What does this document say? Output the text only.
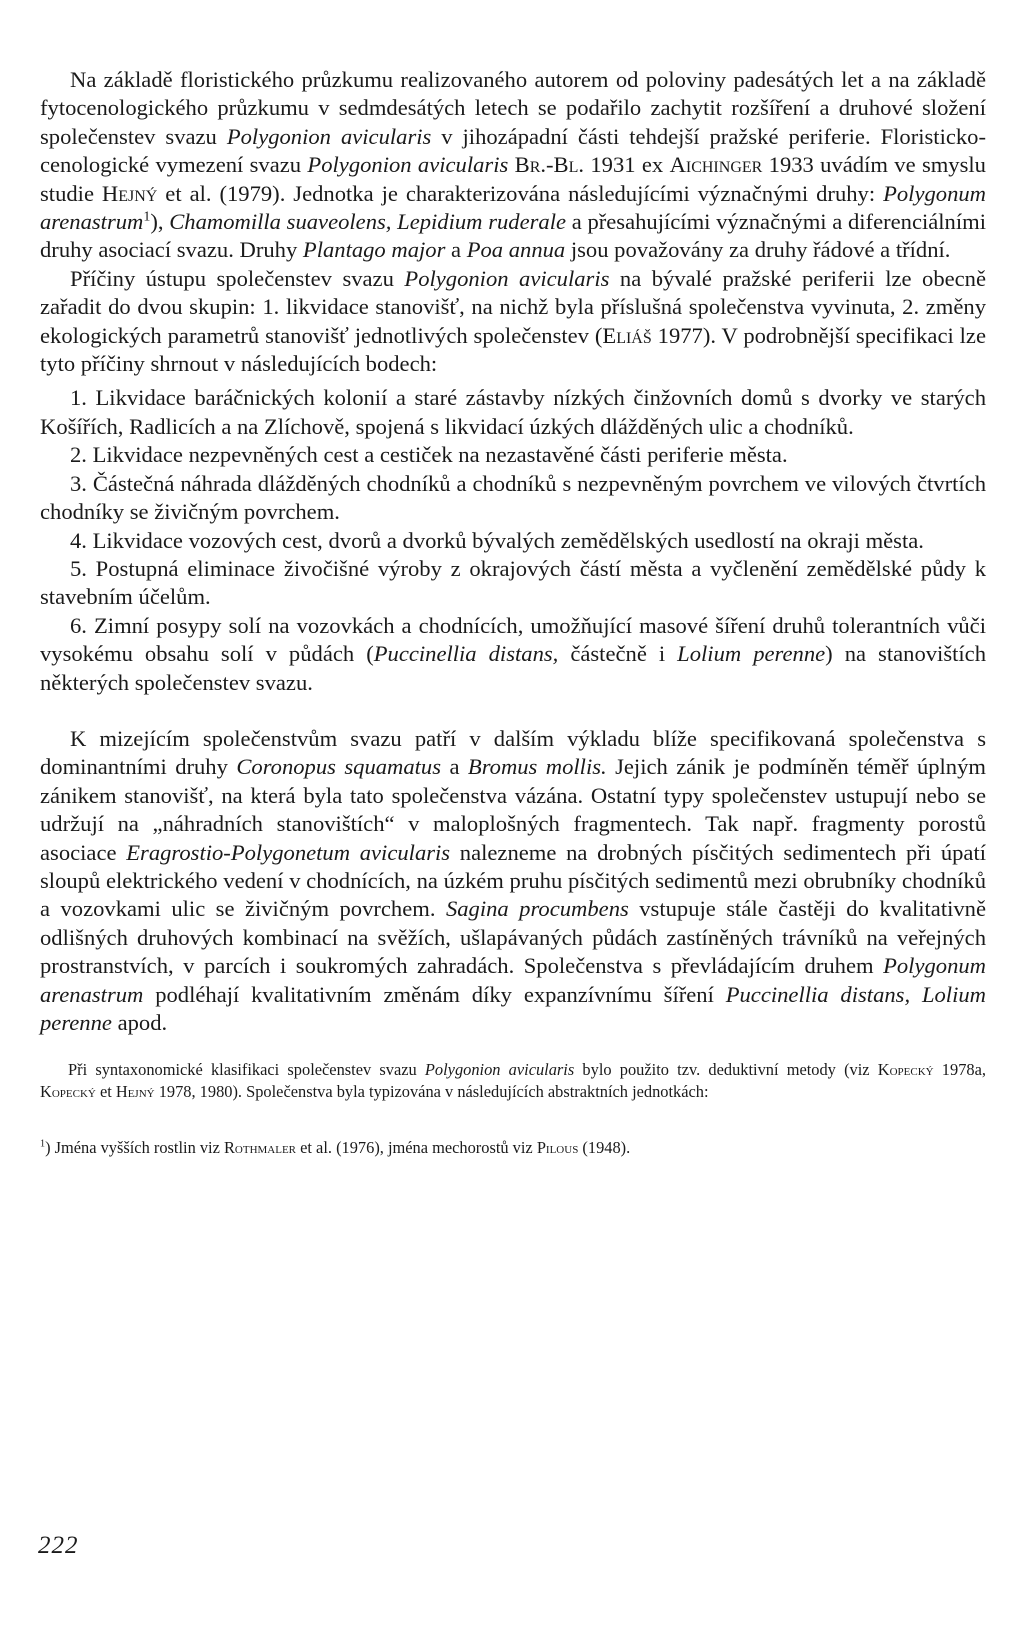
Na základě floristického průzkumu realizovaného autorem od poloviny padesátých let a na základě fytocenologického průzkumu v sedmdesátých letech se podařilo zachytit rozšíření a druhové složení společenstev svazu Polygonion avicularis v jihozápadní části tehdejší pražské periferie. Floristicko-cenologické vymezení svazu Polygonion avicularis Br.-Bl. 1931 ex Aichinger 1933 uvádím ve smyslu studie Hejný et al. (1979). Jednotka je charakterizována následujícími význačnými druhy: Polygonum arenastrum$^1$), Chamomilla suaveolens, Lepidium ruderale a přesahujícími význačnými a diferenciálními druhy asociací svazu. Druhy Plantago major a Poa annua jsou považovány za druhy řádové a třídní.

Příčiny ústupu společenstev svazu Polygonion avicularis na bývalé pražské periferii lze obecně zařadit do dvou skupin: 1. likvidace stanovišť, na nichž byla příslušná společenstva vyvinuta, 2. změny ekologických parametrů stanovišť jednotlivých společenstev (Eliáš 1977). V podrobnější specifikaci lze tyto příčiny shrnout v následujících bodech:

1. Likvidace baráčnických kolonií a staré zástavby nízkých činžovních domů s dvorky ve starých Košířích, Radlicích a na Zlíchově, spojená s likvidací úzkých dlážděných ulic a chodníků.

2. Likvidace nezpevněných cest a cestiček na nezastavěné části periferie města.

3. Částečná náhrada dlážděných chodníků a chodníků s nezpevněným povrchem ve vilových čtvrtích chodníky se živičným povrchem.

4. Likvidace vozových cest, dvorů a dvorků bývalých zemědělských usedlostí na okraji města.

5. Postupná eliminace živočišné výroby z okrajových částí města a vyčlenění zemědělské půdy k stavebním účelům.

6. Zimní posypy solí na vozovkách a chodnících, umožňující masové šíření druhů tolerantních vůči vysokému obsahu solí v půdách (Puccinellia distans, částečně i Lolium perenne) na stanovištích některých společenstev svazu.

K mizejícím společenstvům svazu patří v dalším výkladu blíže specifikovaná společenstva s dominantními druhy Coronopus squamatus a Bromus mollis. Jejich zánik je podmíněn téměř úplným zánikem stanovišť, na která byla tato společenstva vázána. Ostatní typy společenstev ustupují nebo se udržují na „náhradních stanovištích“ v maloplošných fragmentech. Tak např. fragmenty porostů asociace Eragrostio-Polygonetum avicularis nalezneme na drobných písčitých sedimentech při úpatí sloupů elektrického vedení v chodnících, na úzkém pruhu písčitých sedimentů mezi obrubníky chodníků a vozovkami ulic se živičným povrchem. Sagina procumbens vstupuje stále častěji do kvalitativně odlišných druhových kombinací na svěžích, ušlapávaných půdách zastíněných trávníků na veřejných prostranstvích, v parcích i soukromých zahradách. Společenstva s převládajícím druhem Polygonum arenastrum podléhají kvalitativním změnám díky expanzívnímu šíření Puccinellia distans, Lolium perenne apod.

Při syntaxonomické klasifikaci společenstev svazu Polygonion avicularis bylo použito tzv. deduktivní metody (viz Kopecký 1978a, Kopecký et Hejný 1978, 1980). Společenstva byla typizována v následujících abstraktních jednotkách:

$^1$) Jména vyšších rostlin viz Rothmaler et al. (1976), jména mechorostů viz Pilous (1948).

222
